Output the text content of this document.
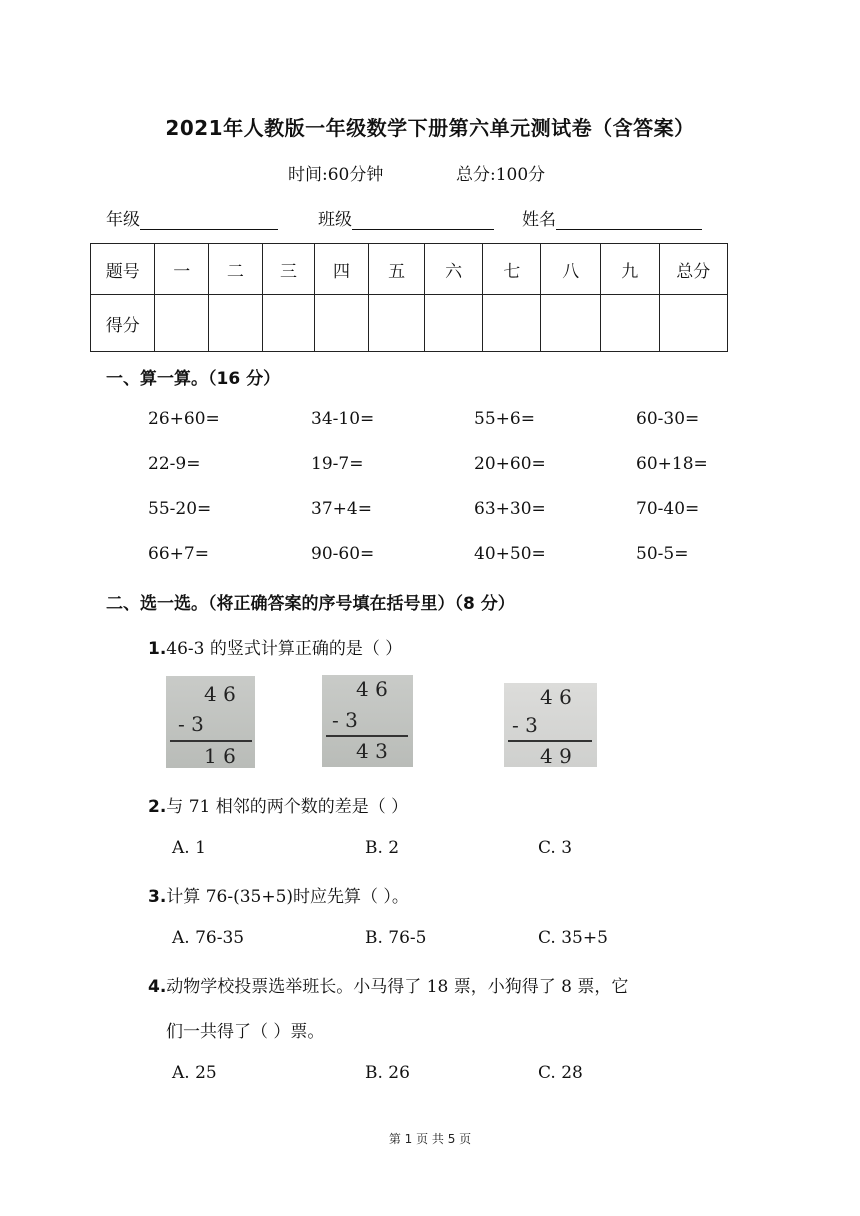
2021年人教版一年级数学下册第六单元测试卷（含答案）
时间:60分钟	总分:100分
年级	班级	姓名
题号	一	二	三	四	五	六	七	八	九	总分
得分										
一、算一算。（16 分）
26+60=	34-10=	55+6=	60-30=
22-9=	19-7=	20+60=	60+18=
55-20=	37+4=	63+30=	70-40=
66+7=	90-60=	40+50=	50-5=
二、选一选。（将正确答案的序号填在括号里）（8 分）
1.46-3 的竖式计算正确的是（ ）
4 6
- 3
1 6
4 6
- 3
4 3
4 6
- 3
4 9
2.与 71 相邻的两个数的差是（ ）
A. 1	B. 2	C. 3
3.计算 76-(35+5)时应先算（ ）。
A. 76-35	B. 76-5	C. 35+5
4.动物学校投票选举班长。小马得了 18 票，小狗得了 8 票，它
们一共得了（ ）票。
A. 25	B. 26	C. 28
第 1 页 共 5 页
